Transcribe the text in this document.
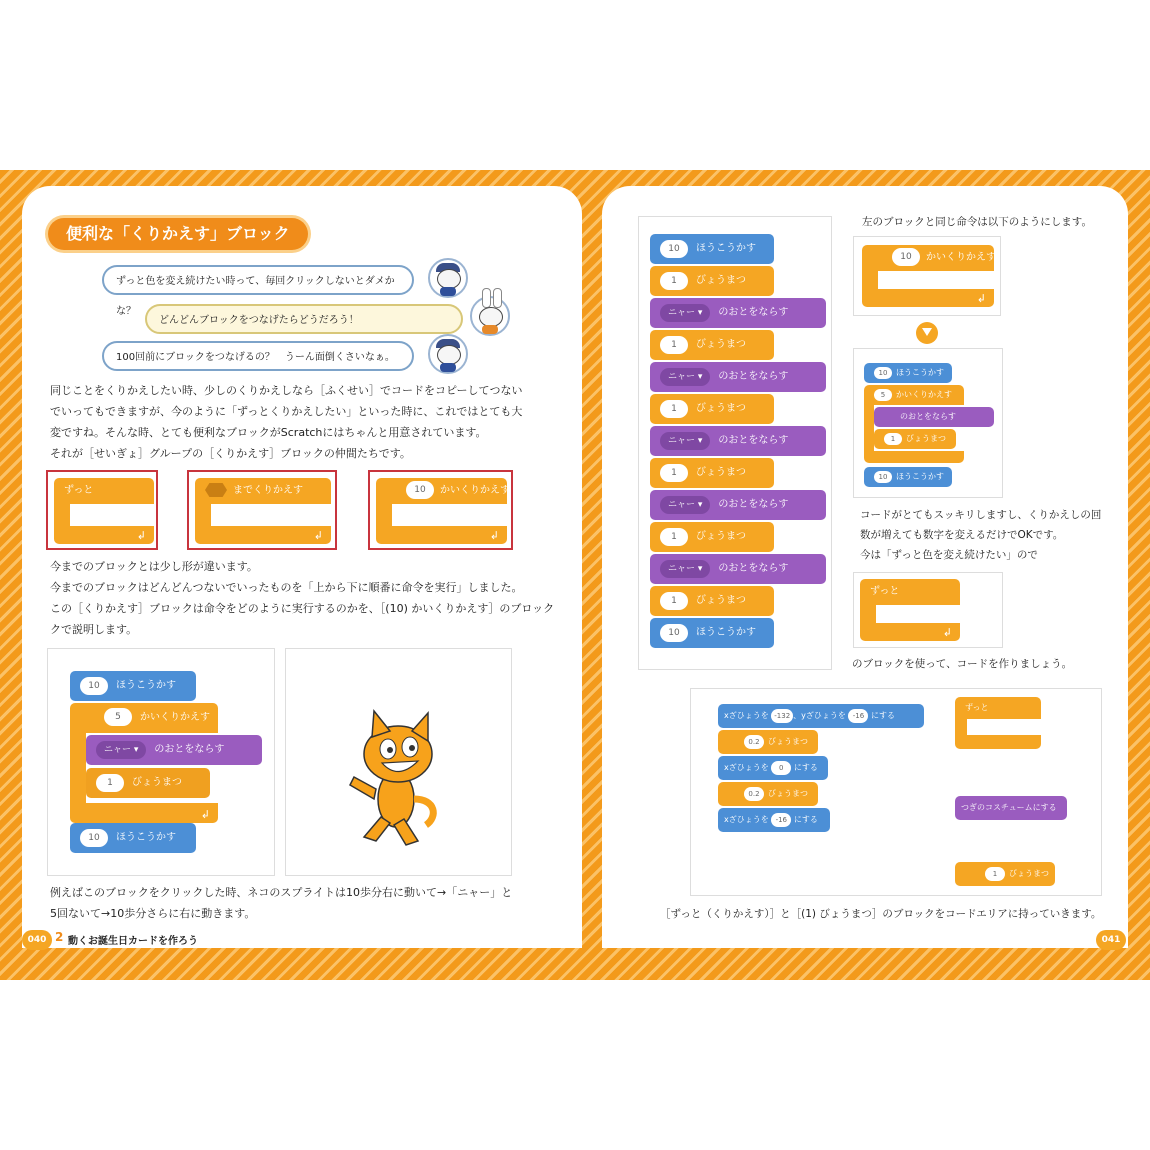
便利な「くりかえす」ブロック
ずっと色を変え続けたい時って、毎回クリックしないとダメかな？
どんどんブロックをつなげたらどうだろう！
100回前にブロックをつなげるの？　うーん面倒くさいなぁ。
同じことをくりかえしたい時、少しのくりかえしなら［ふくせい］でコードをコピーしてつない
でいってもできますが、今のように「ずっとくりかえしたい」といった時に、これではとても大
変ですね。そんな時、とても便利なブロックがScratchにはちゃんと用意されています。
それが［せいぎょ］グループの［くりかえす］ブロックの仲間たちです。
ずっと
↲
までくりかえす
↲
10 かいくりかえす
↲
今までのブロックとは少し形が違います。
今までのブロックはどんどんつないでいったものを「上から下に順番に命令を実行」しました。
この［くりかえす］ブロックは命令をどのように実行するのかを、［(10) かいくりかえす］のブロック
クで説明します。
10 ほうこうかす
5 かいくりかえす
↲
ニャー ▾ のおとをならす
1 びょうまつ
10 ほうこうかす
例えばこのブロックをクリックした時、ネコのスプライトは10歩分右に動いて→「ニャー」と
5回ないて→10歩分さらに右に動きます。
040 2 動くお誕生日カードを作ろう
10 ほうこうかす
1 びょうまつ
ニャー ▾ のおとをならす
1 びょうまつ
ニャー ▾ のおとをならす
1 びょうまつ
ニャー ▾ のおとをならす
1 びょうまつ
ニャー ▾ のおとをならす
1 びょうまつ
ニャー ▾ のおとをならす
1 びょうまつ
10 ほうこうかす
左のブロックと同じ命令は以下のようにします。
10 かいくりかえす
↲
10 ほうこうかす
5 かいくりかえす
のおとをならす
1 びょうまつ
10 ほうこうかす
コードがとてもスッキリしますし、くりかえしの回
数が増えても数字を変えるだけでOKです。
今は「ずっと色を変え続けたい」ので
ずっと
↲
のブロックを使って、コードを作りましょう。
xざひょうを -132 、yざひょうを -16 にする
0.2 びょうまつ
xざひょうを 0 にする
0.2 びょうまつ
xざひょうを -16 にする
ずっと
つぎのコスチュームにする
1 びょうまつ
［ずっと（くりかえす）］と［(1) びょうまつ］のブロックをコードエリアに持っていきます。
041
